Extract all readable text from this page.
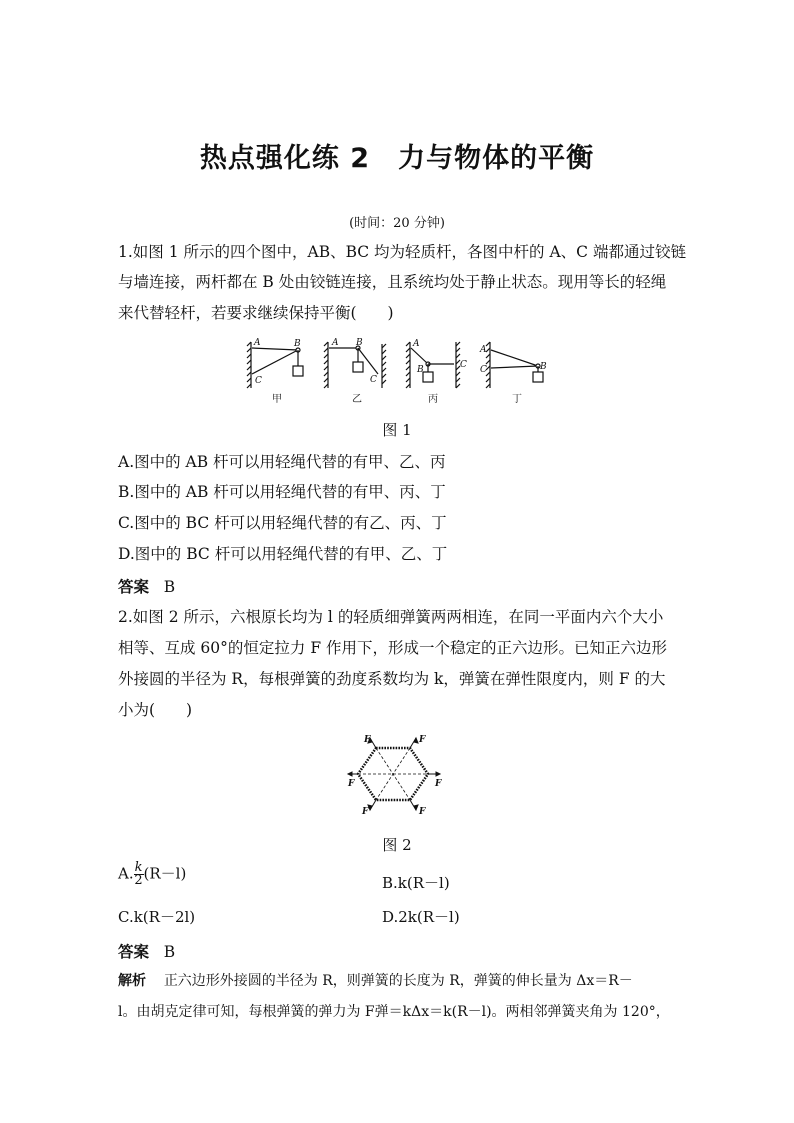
热点强化练 2　力与物体的平衡
(时间：20 分钟)
1.如图 1 所示的四个图中，AB、BC 均为轻质杆，各图中杆的 A、C 端都通过铰链
与墙连接，两杆都在 B 处由铰链连接，且系统均处于静止状态。现用等长的轻绳
来代替轻杆，若要求继续保持平衡(　　)
A	B
C
A B
C
A
B	C
A
C	B
甲	乙	丙	丁
图 1
A.图中的 AB 杆可以用轻绳代替的有甲、乙、丙
B.图中的 AB 杆可以用轻绳代替的有甲、丙、丁
C.图中的 BC 杆可以用轻绳代替的有乙、丙、丁
D.图中的 BC 杆可以用轻绳代替的有甲、乙、丁
答案 B
2.如图 2 所示，六根原长均为 l 的轻质细弹簧两两相连，在同一平面内六个大小
相等、互成 60°的恒定拉力 F 作用下，形成一个稳定的正六边形。已知正六边形
外接圆的半径为 R，每根弹簧的劲度系数均为 k，弹簧在弹性限度内，则 F 的大
小为(　　)
F	F
F
F
F
F
图 2
A. $\frac{k}{2} (R-l)$
B.k(R－l)
C.k(R－2l)	D.2k(R－l)
答案 B
解析 正六边形外接圆的半径为 R，则弹簧的长度为 R，弹簧的伸长量为 Δx＝R－
l。由胡克定律可知，每根弹簧的弹力为 F弹＝kΔx＝k(R－l)。两相邻弹簧夹角为 120°，
